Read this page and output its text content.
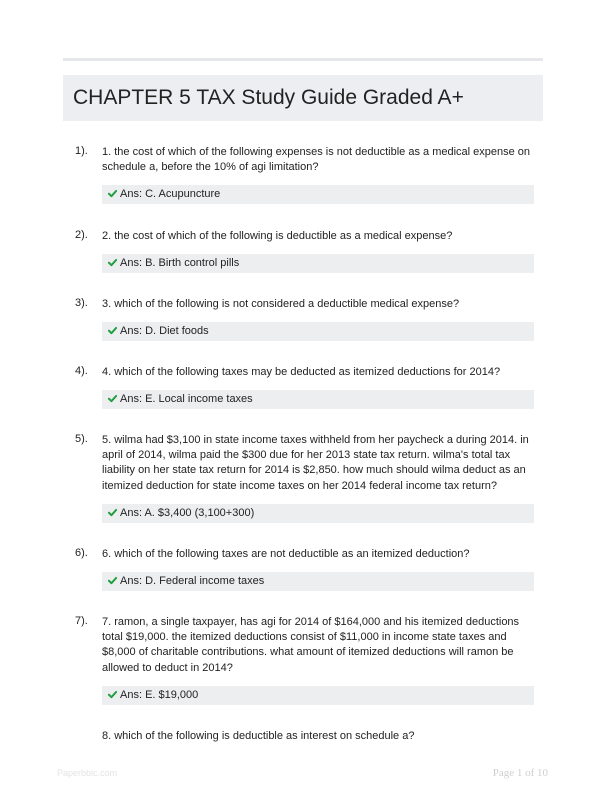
CHAPTER 5 TAX Study Guide Graded A+
1). 1. the cost of which of the following expenses is not deductible as a medical expense on schedule a, before the 10% of agi limitation?
Ans: C. Acupuncture
2). 2. the cost of which of the following is deductible as a medical expense?
Ans: B. Birth control pills
3). 3. which of the following is not considered a deductible medical expense?
Ans: D. Diet foods
4). 4. which of the following taxes may be deducted as itemized deductions for 2014?
Ans: E. Local income taxes
5). 5. wilma had $3,100 in state income taxes withheld from her paycheck a during 2014. in april of 2014, wilma paid the $300 due for her 2013 state tax return. wilma's total tax liability on her state tax return for 2014 is $2,850. how much should wilma deduct as an itemized deduction for state income taxes on her 2014 federal income tax return?
Ans: A. $3,400 (3,100+300)
6). 6. which of the following taxes are not deductible as an itemized deduction?
Ans: D. Federal income taxes
7). 7. ramon, a single taxpayer, has agi for 2014 of $164,000 and his itemized deductions total $19,000. the itemized deductions consist of $11,000 in income state taxes and $8,000 of charitable contributions. what amount of itemized deductions will ramon be allowed to deduct in 2014?
Ans: E. $19,000
8. which of the following is deductible as interest on schedule a?
Paperbbic.com	Page 1 of 10
